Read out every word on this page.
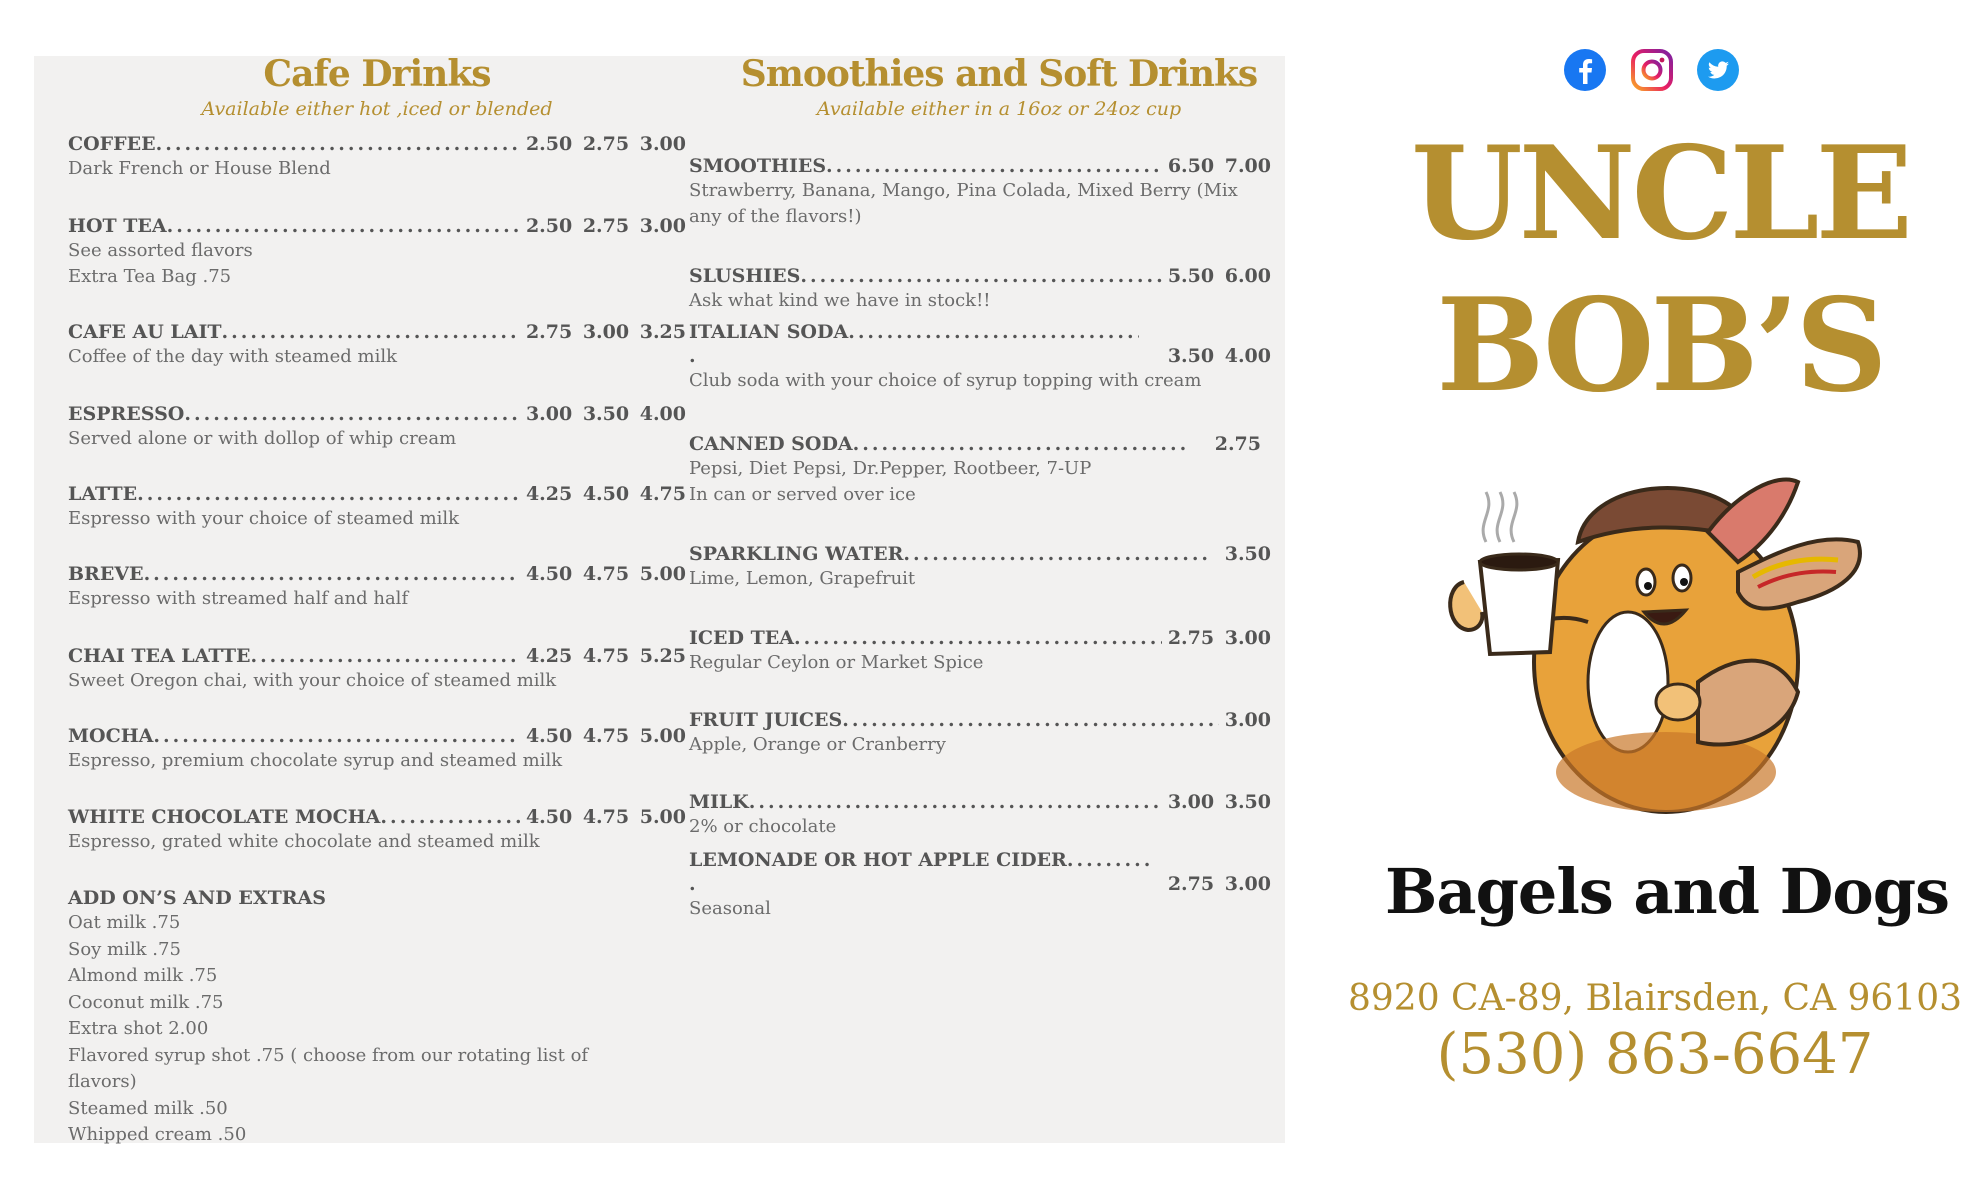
Cafe Drinks
Available either hot ,iced or blended
COFFEE .....	2.50 2.75 3.00
Dark French or House Blend
HOT TEA .....	2.50 2.75 3.00
See assorted flavors
Extra Tea Bag .75
CAFE AU LAIT .....	2.75 3.00 3.25
Coffee of the day with steamed milk
ESPRESSO .....	3.00 3.50 4.00
Served alone or with dollop of whip cream
LATTE .....	4.25 4.50 4.75
Espresso with your choice of steamed milk
BREVE .....	4.50 4.75 5.00
Espresso with streamed half and half
CHAI TEA LATTE .....	4.25 4.75 5.25
Sweet Oregon chai, with your choice of steamed milk
MOCHA .....	4.50 4.75 5.00
Espresso, premium chocolate syrup and steamed milk
WHITE CHOCOLATE MOCHA .....	4.50 4.75 5.00
Espresso, grated white chocolate and steamed milk
ADD ON’S AND EXTRAS
Oat milk .75
Soy milk .75
Almond milk .75
Coconut milk .75
Extra shot 2.00
Flavored syrup shot .75 ( choose from our rotating list of flavors)
Steamed milk .50
Whipped cream .50
Smoothies and Soft Drinks
Available either in a 16oz or 24oz cup
SMOOTHIES .....	6.50 7.00
Strawberry, Banana, Mango, Pina Colada, Mixed Berry (Mix any of the flavors!)
SLUSHIES .....	5.50 6.00
Ask what kind we have in stock!!
ITALIAN SODA
.....
.	3.50 4.00
Club soda with your choice of syrup topping with cream
CANNED SODA .....	2.75
Pepsi, Diet Pepsi, Dr.Pepper, Rootbeer, 7-UP
In can or served over ice
SPARKLING WATER .....	3.50
Lime, Lemon, Grapefruit
ICED TEA .....	2.75 3.00
Regular Ceylon or Market Spice
FRUIT JUICES .....	3.00
Apple, Orange or Cranberry
MILK .....	3.00 3.50
2% or chocolate
LEMONADE OR HOT APPLE CIDER
.....
.	2.75 3.00
Seasonal
UNCLE
BOB’S
Bagels and Dogs
8920 CA-89, Blairsden, CA 96103
(530) 863-6647
